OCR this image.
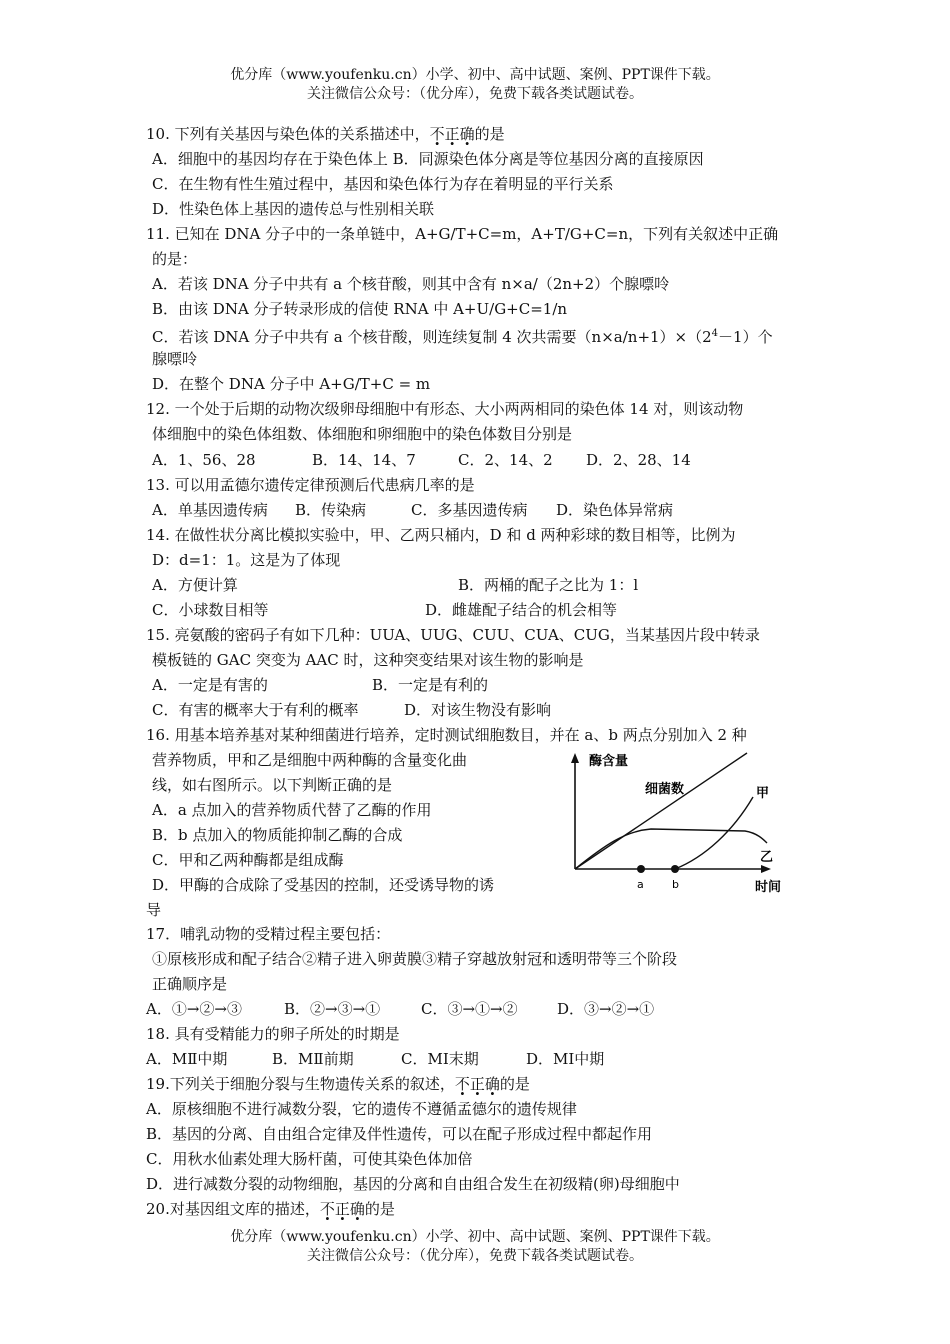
优分库（www.youfenku.cn）小学、初中、高中试题、案例、PPT课件下载。
关注微信公众号：（优分库），免费下载各类试题试卷。
10. 下列有关基因与染色体的关系描述中，不正确的是
A．细胞中的基因均存在于染色体上 B．同源染色体分离是等位基因分离的直接原因
C．在生物有性生殖过程中，基因和染色体行为存在着明显的平行关系
D．性染色体上基因的遗传总与性别相关联
11. 已知在 DNA 分子中的一条单链中，A+G/T+C=m，A+T/G+C=n，下列有关叙述中正确
的是：
A．若该 DNA 分子中共有 a 个核苷酸，则其中含有 n×a/（2n+2）个腺嘌呤
B．由该 DNA 分子转录形成的信使 RNA 中 A+U/G+C=1/n
C．若该 DNA 分子中共有 a 个核苷酸，则连续复制 4 次共需要$(n\times a/n+1)\times(2^4-1)$个
腺嘌呤
D．在整个 DNA 分子中 A+G/T+C = m
12. 一个处于后期的动物次级卵母细胞中有形态、大小两两相同的染色体 14 对，则该动物
体细胞中的染色体组数、体细胞和卵细胞中的染色体数目分别是
A．1、56、28	B．14、14、7	C．2、14、2 D．2、28、14
13. 可以用孟德尔遗传定律预测后代患病几率的是
A．单基因遗传病 B．传染病	C．多基因遗传病 D．染色体异常病
14. 在做性状分离比模拟实验中，甲、乙两只桶内，D 和 d 两种彩球的数目相等，比例为
D：d=1：1。这是为了体现
A．方便计算	B．两桶的配子之比为 1：l
C．小球数目相等	D．雌雄配子结合的机会相等
15. 亮氨酸的密码子有如下几种：UUA、UUG、CUU、CUA、CUG，当某基因片段中转录
模板链的 GAC 突变为 AAC 时，这种突变结果对该生物的影响是
A．一定是有害的	B．一定是有利的
C．有害的概率大于有利的概率	D．对该生物没有影响
16. 用基本培养基对某种细菌进行培养，定时测试细胞数目，并在 a、b 两点分别加入 2 种
营养物质，甲和乙是细胞中两种酶的含量变化曲
线，如右图所示。以下判断正确的是
A．a 点加入的营养物质代替了乙酶的作用
B．b 点加入的物质能抑制乙酶的合成
C．甲和乙两种酶都是组成酶
D．甲酶的合成除了受基因的控制，还受诱导物的诱
导
酶含量
时间
细菌数
乙
甲
a	b
17．哺乳动物的受精过程主要包括：
①原核形成和配子结合②精子进入卵黄膜③精子穿越放射冠和透明带等三个阶段
正确顺序是
A．①→②→③	B．②→③→①	C．③→①→②	D．③→②→①
18. 具有受精能力的卵子所处的时期是
A．MⅡ中期	B．MⅡ前期	C．MⅠ末期	D．MⅠ中期
19.下列关于细胞分裂与生物遗传关系的叙述，不正确的是
A．原核细胞不进行减数分裂，它的遗传不遵循孟德尔的遗传规律
B．基因的分离、自由组合定律及伴性遗传，可以在配子形成过程中都起作用
C．用秋水仙素处理大肠杆菌，可使其染色体加倍
D．进行减数分裂的动物细胞，基因的分离和自由组合发生在初级精(卵)母细胞中
20.对基因组文库的描述，不正确的是
优分库（www.youfenku.cn）小学、初中、高中试题、案例、PPT课件下载。
关注微信公众号：（优分库），免费下载各类试题试卷。
